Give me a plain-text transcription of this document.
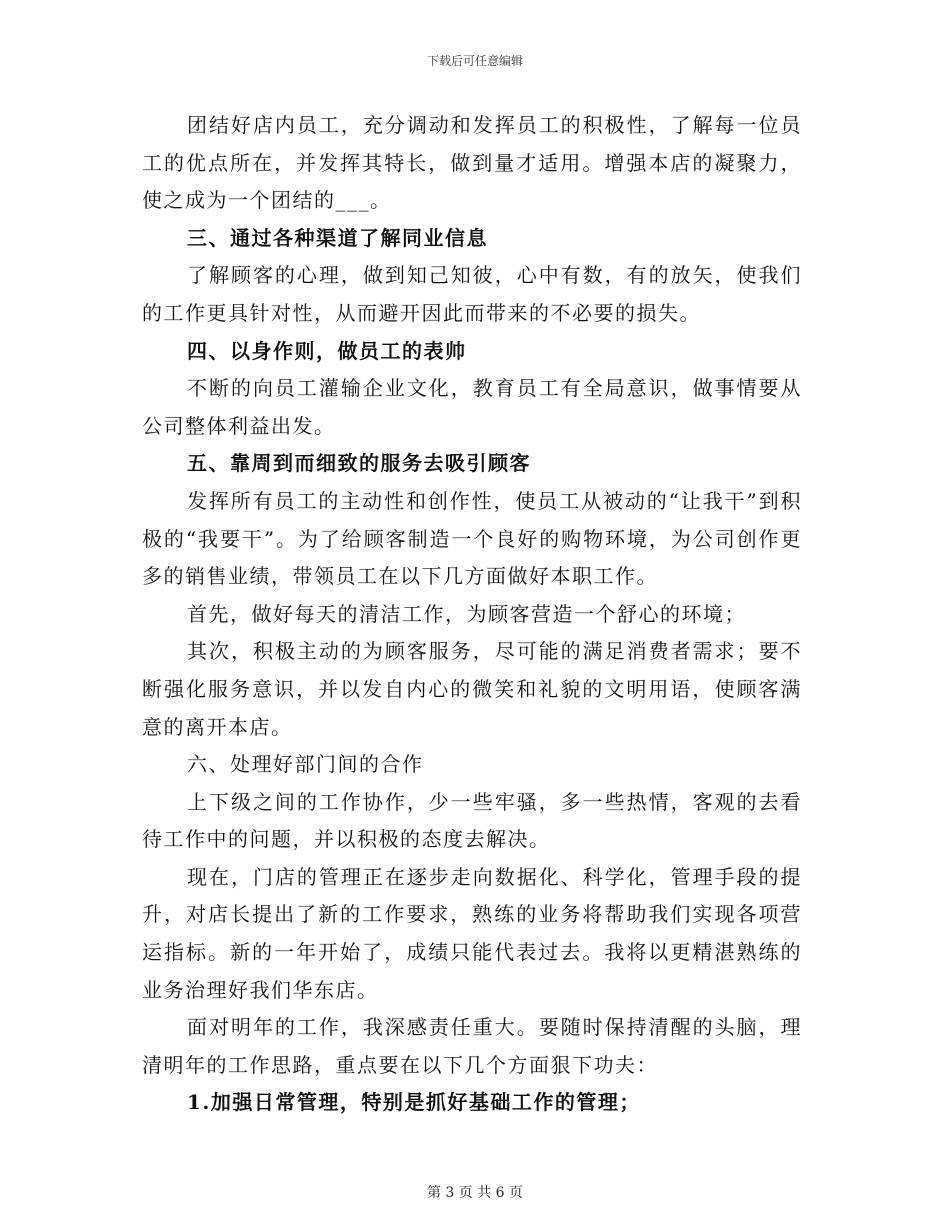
下载后可任意编辑

团结好店内员工，充分调动和发挥员工的积极性，了解每一位员工的优点所在，并发挥其特长，做到量才适用。增强本店的凝聚力，使之成为一个团结的___。

三、通过各种渠道了解同业信息

了解顾客的心理，做到知己知彼，心中有数，有的放矢，使我们的工作更具针对性，从而避开因此而带来的不必要的损失。

四、以身作则，做员工的表帅

不断的向员工灌输企业文化，教育员工有全局意识，做事情要从公司整体利益出发。

五、靠周到而细致的服务去吸引顾客

发挥所有员工的主动性和创作性，使员工从被动的“让我干”到积极的“我要干”。为了给顾客制造一个良好的购物环境，为公司创作更多的销售业绩，带领员工在以下几方面做好本职工作。

首先，做好每天的清洁工作，为顾客营造一个舒心的环境；

其次，积极主动的为顾客服务，尽可能的满足消费者需求；要不断强化服务意识，并以发自内心的微笑和礼貌的文明用语，使顾客满意的离开本店。

六、处理好部门间的合作

上下级之间的工作协作，少一些牢骚，多一些热情，客观的去看待工作中的问题，并以积极的态度去解决。

现在，门店的管理正在逐步走向数据化、科学化，管理手段的提升，对店长提出了新的工作要求，熟练的业务将帮助我们实现各项营运指标。新的一年开始了，成绩只能代表过去。我将以更精湛熟练的业务治理好我们华东店。

面对明年的工作，我深感责任重大。要随时保持清醒的头脑，理清明年的工作思路，重点要在以下几个方面狠下功夫：

1.加强日常管理，特别是抓好基础工作的管理；

第 3 页 共 6 页
